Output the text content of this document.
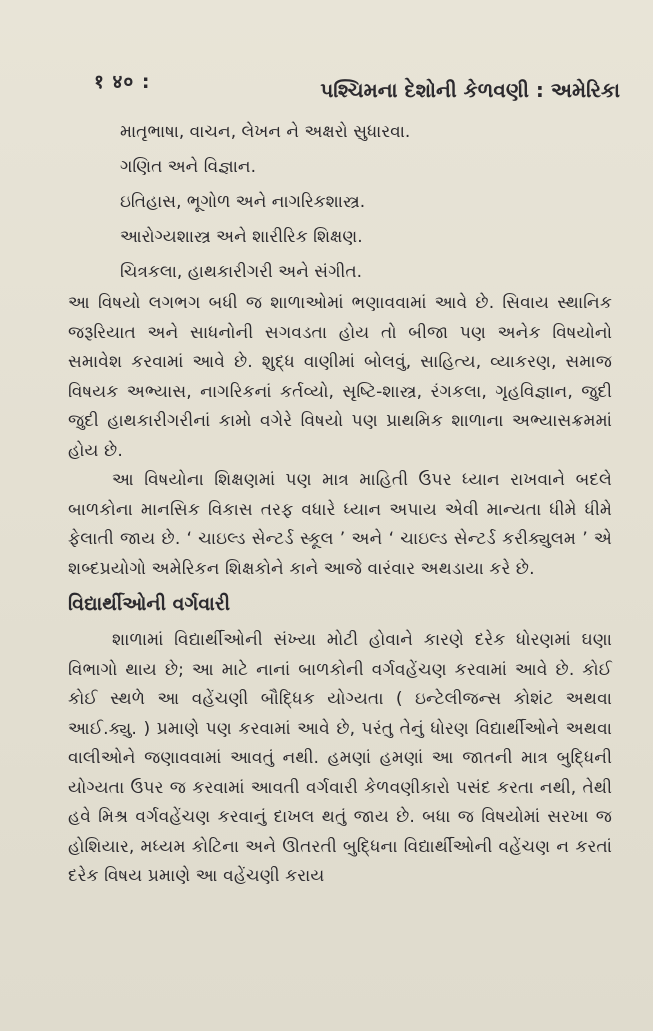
१ ४० :	પશ્ચિમના દેશોની કેળવણી : અમેરિકા
માતૃભાષા, વાચન, લેખન ને અક્ષરો સુધારવા.
ગણિત અને વિજ્ઞાન.
ઇતિહાસ, ભૂગોળ અને નાગરિકશાસ્ત્ર.
આરોગ્યશાસ્ત્ર અને શારીરિક શિક્ષણ.
ચિત્રકલા, હાથકારીગરી અને સંગીત.

આ વિષયો લગભગ બધી જ શાળાઓમાં ભણાવવામાં આવે છે. સિવાય સ્થાનિક જરૂરિયાત અને સાધનોની સગવડતા હોય તો બીજા પણ અનેક વિષયોનો સમાવેશ કરવામાં આવે છે. શુદ્ધ વાણીમાં બોલવું, સાહિત્ય, વ્યાકરણ, સમાજ વિષયક અભ્યાસ, નાગરિકનાં કર્તવ્યો, સૃષ્ટિ-શાસ્ત્ર, રંગકલા, ગૃહવિજ્ઞાન, જુદી જુદી હાથકારીગરીનાં કામો વગેરે વિષયો પણ પ્રાથમિક શાળાના અભ્યાસક્રમમાં હોય છે.

આ વિષયોના શિક્ષણમાં પણ માત્ર માહિતી ઉપર ધ્યાન રાખવાને બદલે બાળકોના માનસિક વિકાસ તરફ વધારે ધ્યાન અપાય એવી માન્યતા ધીમે ધીમે ફેલાતી જાય છે. ‘ ચાઇલ્ડ સેન્ટર્ડ સ્કૂલ ’ અને ‘ ચાઇલ્ડ સેન્ટર્ડ કરીક્યુલમ ’ એ શબ્દપ્રયોગો અમેરિકન શિક્ષકોને કાને આજે વારંવાર અથડાયા કરે છે.

વિદ્યાર્થીઓની વર્ગવારી

શાળામાં વિદ્યાર્થીઓની સંખ્યા મોટી હોવાને કારણે દરેક ધોરણમાં ઘણા વિભાગો થાય છે; આ માટે નાનાં બાળકોની વર્ગવહેંચણ કરવામાં આવે છે. કોઈ કોઈ સ્થળે આ વહેંચણી બૌદ્ધિક યોગ્યતા ( ઇન્ટેલીજન્સ કોશંટ અથવા આઈ.ક્યુ. ) પ્રમાણે પણ કરવામાં આવે છે, પરંતુ તેનું ધોરણ વિદ્યાર્થીઓને અથવા વાલીઓને જણાવવામાં આવતું નથી. હમણાં હમણાં આ જાતની માત્ર બુદ્ધિની યોગ્યતા ઉપર જ કરવામાં આવતી વર્ગવારી કેળવણીકારો પસંદ કરતા નથી, તેથી હવે મિશ્ર વર્ગવહેંચણ કરવાનું દાખલ થતું જાય છે. બધા જ વિષયોમાં સરખા જ હોશિયાર, મધ્યમ કોટિના અને ઊતરતી બુદ્ધિના વિદ્યાર્થીઓની વહેંચણ ન કરતાં દરેક વિષય પ્રમાણે આ વહેંચણી કરાય
